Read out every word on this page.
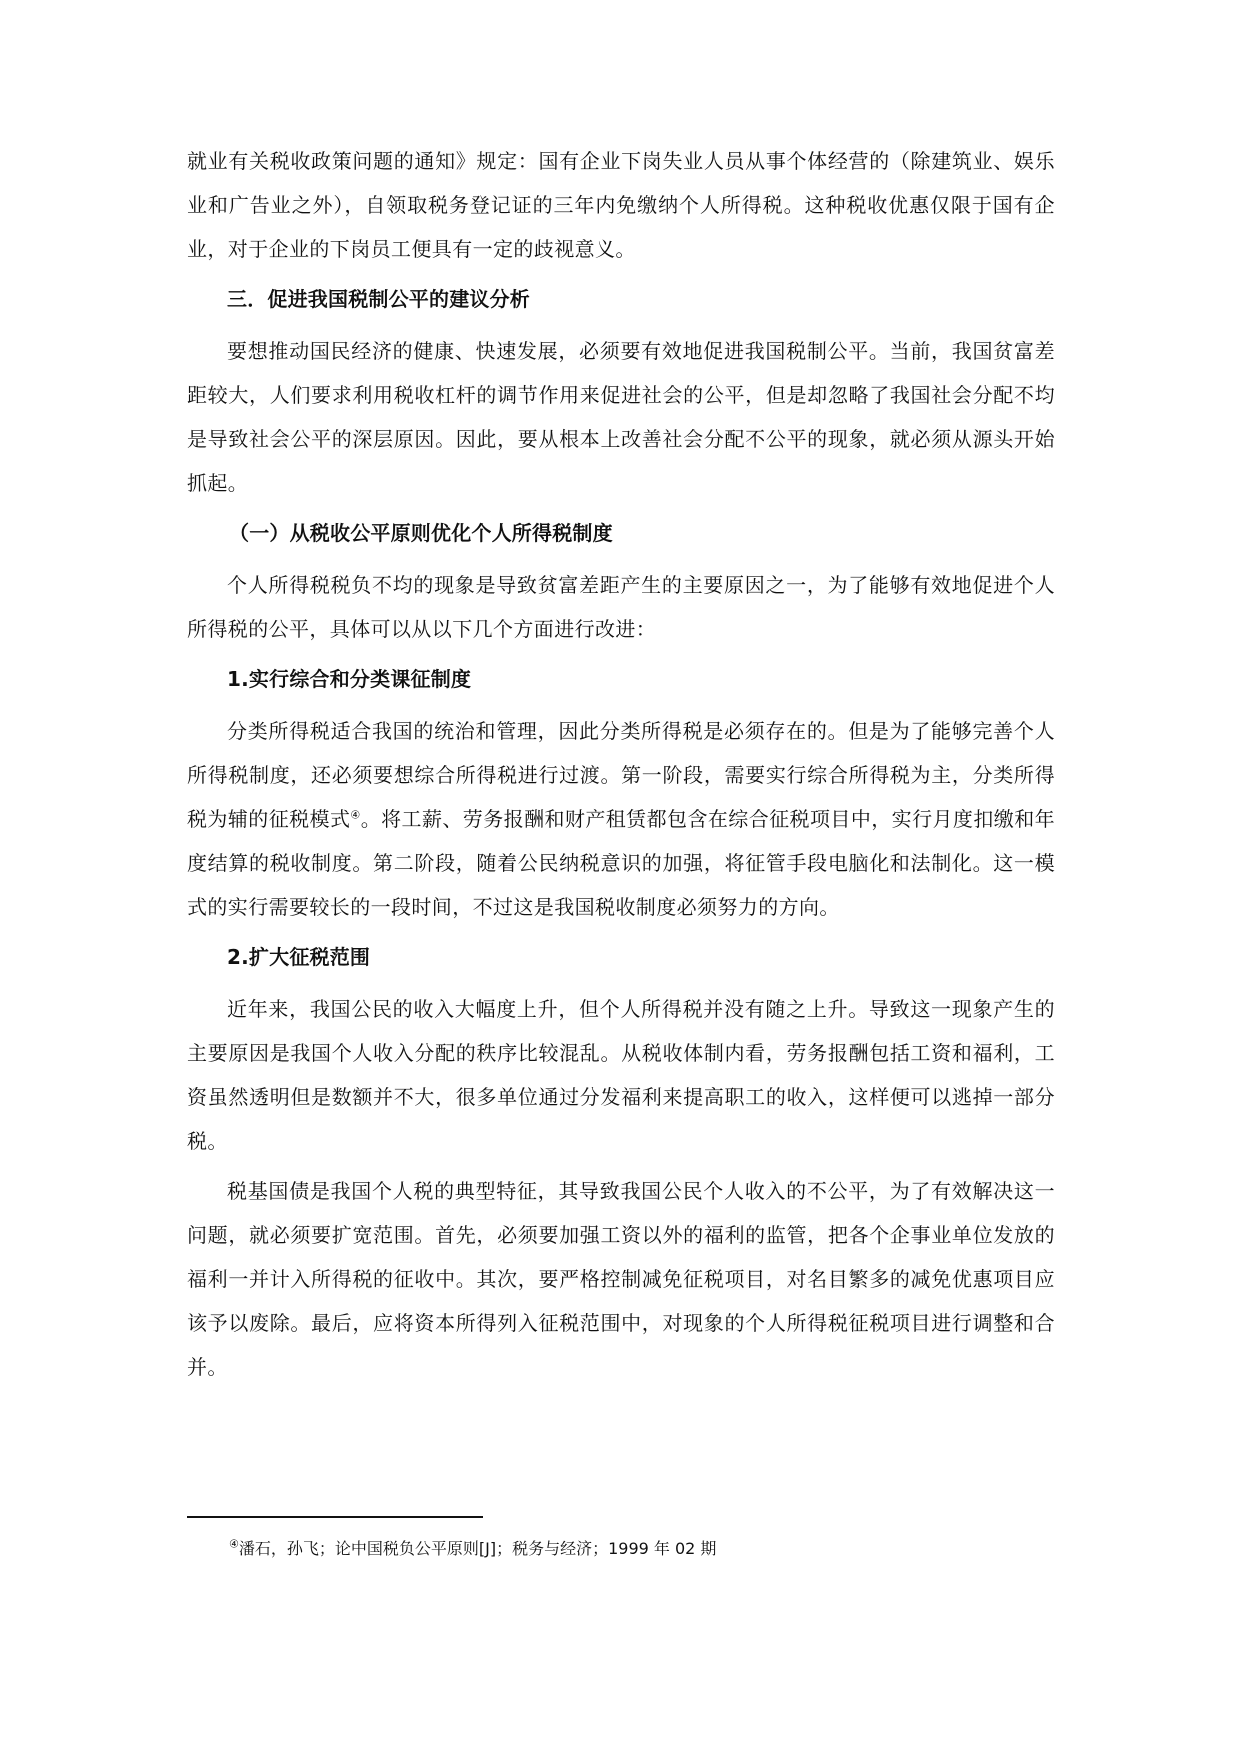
就业有关税收政策问题的通知》规定：国有企业下岗失业人员从事个体经营的（除建筑业、娱乐业和广告业之外），自领取税务登记证的三年内免缴纳个人所得税。这种税收优惠仅限于国有企业，对于企业的下岗员工便具有一定的歧视意义。

三．促进我国税制公平的建议分析

要想推动国民经济的健康、快速发展，必须要有效地促进我国税制公平。当前，我国贫富差距较大，人们要求利用税收杠杆的调节作用来促进社会的公平，但是却忽略了我国社会分配不均是导致社会公平的深层原因。因此，要从根本上改善社会分配不公平的现象，就必须从源头开始抓起。

（一）从税收公平原则优化个人所得税制度

个人所得税税负不均的现象是导致贫富差距产生的主要原因之一，为了能够有效地促进个人所得税的公平，具体可以从以下几个方面进行改进：

1.实行综合和分类课征制度

分类所得税适合我国的统治和管理，因此分类所得税是必须存在的。但是为了能够完善个人所得税制度，还必须要想综合所得税进行过渡。第一阶段，需要实行综合所得税为主，分类所得税为辅的征税模式④。将工薪、劳务报酬和财产租赁都包含在综合征税项目中，实行月度扣缴和年度结算的税收制度。第二阶段，随着公民纳税意识的加强，将征管手段电脑化和法制化。这一模式的实行需要较长的一段时间，不过这是我国税收制度必须努力的方向。

2.扩大征税范围

近年来，我国公民的收入大幅度上升，但个人所得税并没有随之上升。导致这一现象产生的主要原因是我国个人收入分配的秩序比较混乱。从税收体制内看，劳务报酬包括工资和福利，工资虽然透明但是数额并不大，很多单位通过分发福利来提高职工的收入，这样便可以逃掉一部分税。

税基国债是我国个人税的典型特征，其导致我国公民个人收入的不公平，为了有效解决这一问题，就必须要扩宽范围。首先，必须要加强工资以外的福利的监管，把各个企事业单位发放的福利一并计入所得税的征收中。其次，要严格控制减免征税项目，对名目繁多的减免优惠项目应该予以废除。最后，应将资本所得列入征税范围中，对现象的个人所得税征税项目进行调整和合并。

④潘石，孙飞；论中国税负公平原则[J]；税务与经济；1999 年 02 期
